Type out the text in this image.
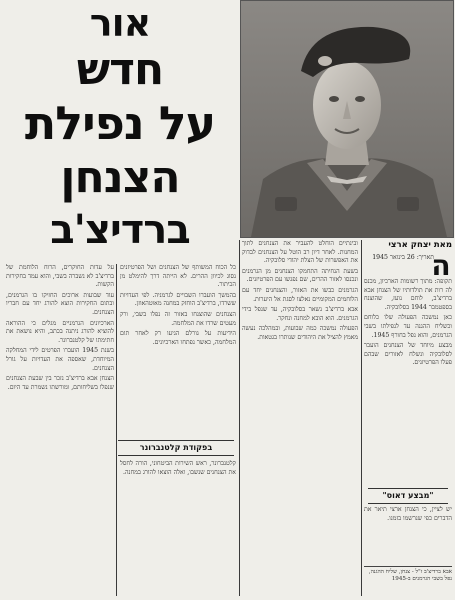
אור
חדש
על נפילת
הצנחן
ברדיצ'ב	מאת יצחק ארצי
ה
תאריך: 26 בינואר 1945

תקופה: מתוך רשומות הארכיון, מכנס לה רות את תולדותיו של הצנחן אבא ברדיצ'ב, לוחם נועז, שהוצנח בספטמבר 1944 בסלובקיה.

כאן נמשכה הפעולה שלו כלוחם וכשליח ההגנה עד לנפילתו בשבי הגרמנים, והוא נפל בחורף 1945.

מבצע מיוחד של הצנחנים הועבר לסלובקיה ונשלח לאזורים שבהם פעלו הפרטיזנים.

"מבצע דאוס"

יש לציין, כי הצנחן ארצי תיאר את הדברים כפי שנרשמו בזמנו.

אבא ברדיצ'ב ז"ל - צנחן, שליח ההגנה, נפל בשבי הגרמנים ב-1945

ובינתיים הוחלט להעביר את הצנחנים לתוך המחנות. לאחר דיון רב הוטל על הצנחנים לבדוק את האפשרות של הצלת יהודי סלובקיה.

בשעת הנחיתה התחמקו הצנחנים מן הגרמנים ונכנסו לאזור ההרים, שם נפגשו עם הפרטיזנים.

הגרמנים כבשו את האזור, והצנחנים יחד עם הלוחמים המקומיים נאלצו לסגת אל היערות.

אבא ברדיצ'ב נשאר בסלובקיה, עד שנפל בידי הגרמנים. הוא הובא למחנה ונחקר.

הפעולה נמשכה כמה שבועות, ובמהלכה נעשה מאמץ להציל את היהודים שנותרו בגטאות.

כל הכוח המשותף של הצנחנים ושל הפרטיזנים נסוג לכיוון ההרים. לא הייתה דרך להימלט מן הכיתור.

בהמשך הועברו השבויים לגרמניה. לפי העדויות ששרדו, ברדיצ'ב הוחזק במחנה מאוטהאוזן.

הצנחנים שהוצנחו באזור זה נפלו בשבי, ורק מעטים שרדו את המלחמה.

הידיעות על גורלם הגיעו רק לאחר תום המלחמה, כאשר נפתחו הארכיונים.

בפקודת קלטנברונר

קלטנברונר, ראש השירות הביטחוני, הורה לחסל את הצנחנים שנשבו, ואלה הוצאו להורג במחנה.

על עדות החוקרים, הרוח הלוחמת של ברדיצ'ב לא נשברה בשבי, והוא עמד בחקירות הקשות.

עוד שבועות ארוכים החזיקו בו הגרמנים, ובתום החקירות הוצא להורג יחד עם חבריו הצנחנים.

הארכיונים הגרמניים מגלים כי ההוראה להוציא להורג ניתנה בכתב, והיא נושאת את חתימתו של קלטנברונר.

בשנת 1945 הועברו הפרטים לידי המחלקה המיוחדת, שאספה את העדויות על גורל הצנחנים.

הצנחן אבא ברדיצ'ב נזכר בין שבעת הצנחנים שנפלו בשליחותם, ומורשתו נשמרת עד היום.
